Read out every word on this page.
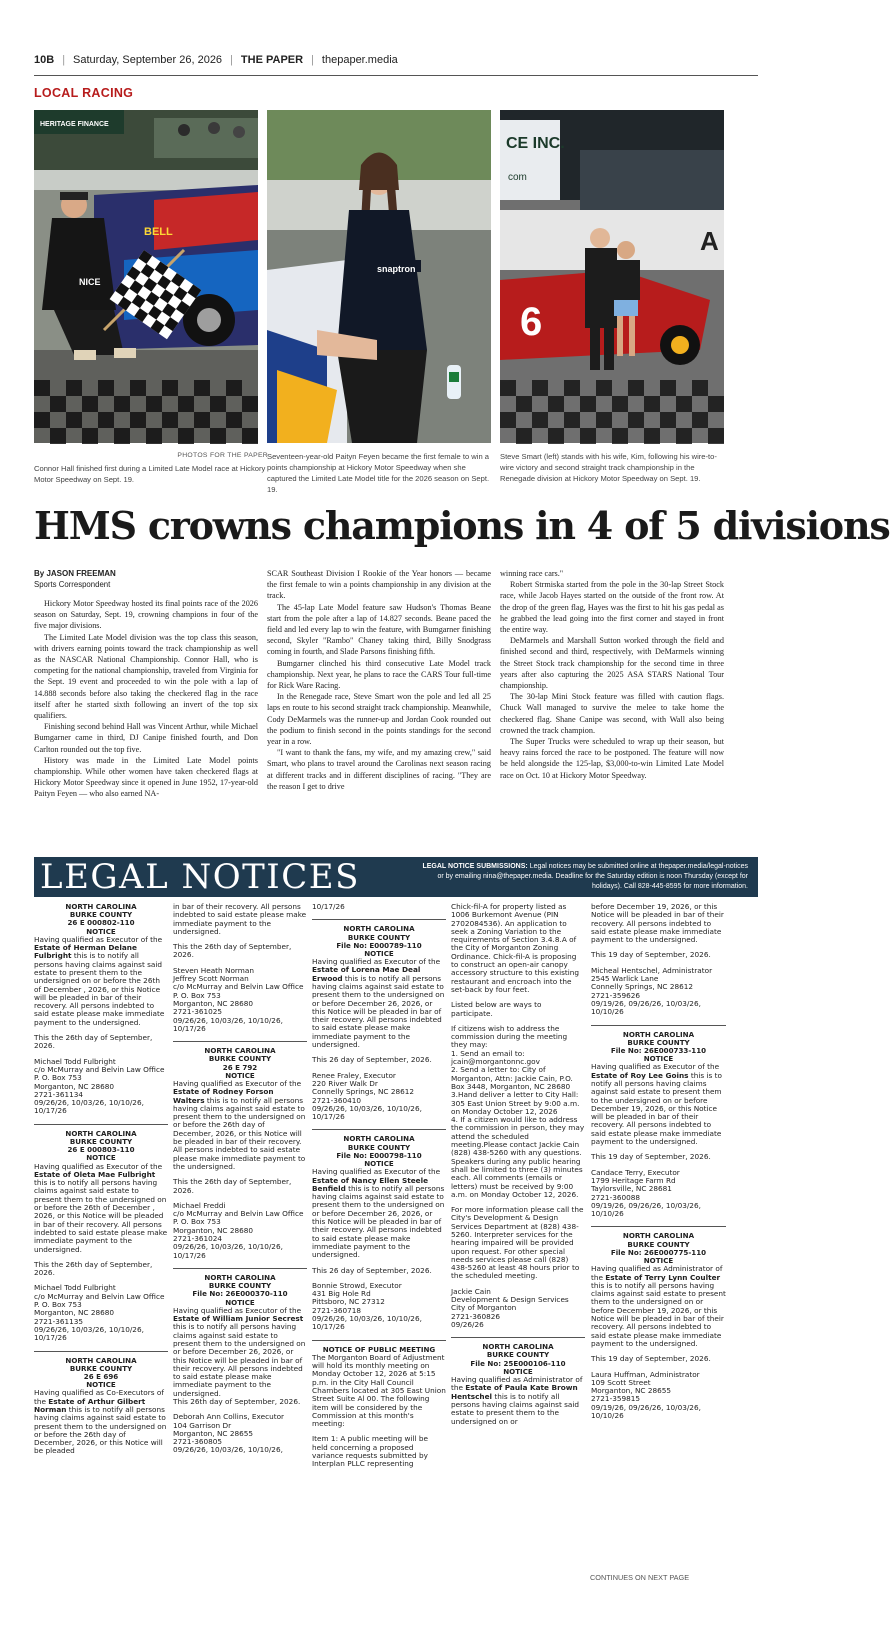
10B | Saturday, September 26, 2026 | THE PAPER | thepaper.media
LOCAL RACING
HERITAGE FINANCE
BELL
NICE
snaptron
CE INC.
com
A
6
PHOTOS FOR THE PAPER
Connor Hall finished first during a Limited Late Model race at Hickory Motor Speedway on Sept. 19.
Seventeen-year-old Paityn Feyen became the first female to win a points championship at Hickory Motor Speedway when she captured the Limited Late Model title for the 2026 season on Sept. 19.
Steve Smart (left) stands with his wife, Kim, following his wire-to-wire victory and second straight track championship in the Renegade division at Hickory Motor Speedway on Sept. 19.
HMS crowns champions in 4 of 5 divisions

By JASON FREEMAN

Sports Correspondent

Hickory Motor Speedway hosted its final points race of the 2026 season on Saturday, Sept. 19, crowning champions in four of the five major divisions.

The Limited Late Model division was the top class this season, with drivers earning points toward the track championship as well as the NASCAR National Championship. Connor Hall, who is competing for the national championship, traveled from Virginia for the Sept. 19 event and proceeded to win the pole with a lap of 14.888 seconds before also taking the checkered flag in the race itself after he started sixth following an invert of the top six qualifiers.

Finishing second behind Hall was Vincent Arthur, while Michael Bumgarner came in third, DJ Canipe finished fourth, and Don Carlton rounded out the top five.

History was made in the Limited Late Model points championship. While other women have taken checkered flags at Hickory Motor Speedway since it opened in June 1952, 17-year-old Paityn Feyen — who also earned NA-

SCAR Southeast Division I Rookie of the Year honors — became the first female to win a points championship in any division at the track.

The 45-lap Late Model feature saw Hudson's Thomas Beane start from the pole after a lap of 14.827 seconds. Beane paced the field and led every lap to win the feature, with Bumgarner finishing second, Skyler "Rambo" Chaney taking third, Billy Snodgrass coming in fourth, and Slade Parsons finishing fifth.

Bumgarner clinched his third consecutive Late Model track championship. Next year, he plans to race the CARS Tour full-time for Rick Ware Racing.

In the Renegade race, Steve Smart won the pole and led all 25 laps en route to his second straight track championship. Meanwhile, Cody DeMarmels was the runner-up and Jordan Cook rounded out the podium to finish second in the points standings for the second year in a row.

"I want to thank the fans, my wife, and my amazing crew," said Smart, who plans to travel around the Carolinas next season racing at different tracks and in different disciplines of racing. "They are the reason I get to drive

winning race cars."

Robert Strmiska started from the pole in the 30-lap Street Stock race, while Jacob Hayes started on the outside of the front row. At the drop of the green flag, Hayes was the first to hit his gas pedal as he grabbed the lead going into the first corner and stayed in front the entire way.

DeMarmels and Marshall Sutton worked through the field and finished second and third, respectively, with DeMarmels winning the Street Stock track championship for the second time in three years after also capturing the 2025 ASA STARS National Tour championship.

The 30-lap Mini Stock feature was filled with caution flags. Chuck Wall managed to survive the melee to take home the checkered flag. Shane Canipe was second, with Wall also being crowned the track champion.

The Super Trucks were scheduled to wrap up their season, but heavy rains forced the race to be postponed. The feature will now be held alongside the 125-lap, $3,000-to-win Limited Late Model race on Oct. 10 at Hickory Motor Speedway.

LEGAL NOTICES	LEGAL NOTICE SUBMISSIONS: Legal notices may be submitted online at thepaper.media/legal-notices or by emailing nina@thepaper.media. Deadline for the Saturday edition is noon Thursday (except for holidays). Call 828-445-8595 for more information.
NORTH CAROLINA
BURKE COUNTY
26 E 000802-110
NOTICE
Having qualified as Executor of the Estate of Herman Delane Fulbright this is to notify all persons having claims against said estate to present them to the undersigned on or before the 26th of December , 2026, or this Notice will be pleaded in bar of their recovery. All persons indebted to said estate please make immediate payment to the undersigned.
This the 26th day of September, 2026.
Michael Todd Fulbright
c/o McMurray and Belvin Law Office
P. O. Box 753
Morganton, NC 28680
2721-361134
09/26/26, 10/03/26, 10/10/26, 10/17/26
NORTH CAROLINA
BURKE COUNTY
26 E 000803-110
NOTICE
Having qualified as Executor of the Estate of Oleta Mae Fulbright this is to notify all persons having claims against said estate to present them to the undersigned on or before the 26th of December , 2026, or this Notice will be pleaded in bar of their recovery. All persons indebted to said estate please make immediate payment to the undersigned.
This the 26th day of September, 2026.
Michael Todd Fulbright
c/o McMurray and Belvin Law Office
P. O. Box 753
Morganton, NC 28680
2721-361135
09/26/26, 10/03/26, 10/10/26, 10/17/26
NORTH CAROLINA
BURKE COUNTY
26 E 696
NOTICE
Having qualified as Co-Executors of the Estate of Arthur Gilbert Norman this is to notify all persons having claims against said estate to present them to the undersigned on or before the 26th day of December, 2026, or this Notice will be pleaded
in bar of their recovery. All persons indebted to said estate please make immediate payment to the undersigned.
This the 26th day of September, 2026.
Steven Heath Norman
Jeffrey Scott Norman
c/o McMurray and Belvin Law Office
P. O. Box 753
Morganton, NC 28680
2721-361025
09/26/26, 10/03/26, 10/10/26, 10/17/26
NORTH CAROLINA
BURKE COUNTY
26 E 792
NOTICE
Having qualified as Executor of the Estate of Rodney Forson Walters this is to notify all persons having claims against said estate to present them to the undersigned on or before the 26th day of December, 2026, or this Notice will be pleaded in bar of their recovery. All persons indebted to said estate please make immediate payment to the undersigned.
This the 26th day of September, 2026.
Michael Freddi
c/o McMurray and Belvin Law Office
P. O. Box 753
Morganton, NC 28680
2721-361024
09/26/26, 10/03/26, 10/10/26, 10/17/26
NORTH CAROLINA
BURKE COUNTY
File No: 26E000370-110
NOTICE
Having qualified as Executor of the Estate of William Junior Secrest this is to notify all persons having claims against said estate to present them to the undersigned on or before December 26, 2026, or this Notice will be pleaded in bar of their recovery. All persons indebted to said estate please make immediate payment to the undersigned.
This 26th day of September, 2026.
Deborah Ann Collins, Executor
104 Garrison Dr
Morganton, NC 28655
2721-360805
09/26/26, 10/03/26, 10/10/26,
10/17/26
NORTH CAROLINA
BURKE COUNTY
File No: E000789-110
NOTICE
Having qualified as Executor of the Estate of Lorena Mae Deal Erwood this is to notify all persons having claims against said estate to present them to the undersigned on or before December 26, 2026, or this Notice will be pleaded in bar of their recovery. All persons indebted to said estate please make immediate payment to the undersigned.
This 26 day of September, 2026.
Renee Fraley, Executor
220 River Walk Dr
Connelly Springs, NC 28612
2721-360410
09/26/26, 10/03/26, 10/10/26, 10/17/26
NORTH CAROLINA
BURKE COUNTY
File No: E000798-110
NOTICE
Having qualified as Executor of the Estate of Nancy Ellen Steele Benfield this is to notify all persons having claims against said estate to present them to the undersigned on or before December 26, 2026, or this Notice will be pleaded in bar of their recovery. All persons indebted to said estate please make immediate payment to the undersigned.
This 26 day of September, 2026.
Bonnie Strowd, Executor
431 Big Hole Rd
Pittsboro, NC 27312
2721-360718
09/26/26, 10/03/26, 10/10/26, 10/17/26
NOTICE OF PUBLIC MEETING
The Morganton Board of Adjustment will hold its monthly meeting on Monday October 12, 2026 at 5:15 p.m. in the City Hall Council Chambers located at 305 East Union Street Suite Al 00. The following item will be considered by the Commission at this month's meeting:
Item 1: A public meeting will be held concerning a proposed variance requests submitted by Interplan PLLC representing
Chick-fil-A for property listed as 1006 Burkemont Avenue (PIN 2702084536). An application to seek a Zoning Variation to the requirements of Section 3.4.8.A of the City of Morganton Zoning Ordinance. Chick-fil-A is proposing to construct an open-air canopy accessory structure to this existing restaurant and encroach into the set-back by four feet.
Listed below are ways to participate.
If citizens wish to address the commission during the meeting they may:
1. Send an email to: jcain@morgantonnc.gov
2. Send a letter to: City of Morganton, Attn: Jackie Cain, P.O. Box 3448, Morganton, NC 28680
3.Hand deliver a letter to City Hall: 305 East Union Street by 9:00 a.m. on Monday October 12, 2026
4. If a citizen would like to address the commission in person, they may attend the scheduled meeting.Please contact Jackie Cain (828) 438-5260 with any questions. Speakers during any public hearing shall be limited to three (3) minutes each. All comments (emails or letters) must be received by 9:00 a.m. on Monday October 12, 2026.
For more information please call the City's Development & Design Services Department at (828) 438-5260. Interpreter services for the hearing impaired will be provided upon request. For other special needs services please call (828) 438-5260 at least 48 hours prior to the scheduled meeting.
Jackie Cain
Development & Design Services
City of Morganton
2721-360826
09/26/26
NORTH CAROLINA
BURKE COUNTY
File No: 25E000106-110
NOTICE
Having qualified as Administrator of the Estate of Paula Kate Brown Hentschel this is to notify all persons having claims against said estate to present them to the undersigned on or
before December 19, 2026, or this Notice will be pleaded in bar of their recovery. All persons indebted to said estate please make immediate payment to the undersigned.
This 19 day of September, 2026.
Micheal Hentschel, Administrator
2545 Warlick Lane
Connelly Springs, NC 28612
2721-359626
09/19/26, 09/26/26, 10/03/26, 10/10/26
NORTH CAROLINA
BURKE COUNTY
File No: 26E000733-110
NOTICE
Having qualified as Executor of the Estate of Roy Lee Goins this is to notify all persons having claims against said estate to present them to the undersigned on or before December 19, 2026, or this Notice will be pleaded in bar of their recovery. All persons indebted to said estate please make immediate payment to the undersigned.
This 19 day of September, 2026.
Candace Terry, Executor
1799 Heritage Farm Rd
Taylorsville, NC 28681
2721-360088
09/19/26, 09/26/26, 10/03/26, 10/10/26
NORTH CAROLINA
BURKE COUNTY
File No: 26E000775-110
NOTICE
Having qualified as Administrator of the Estate of Terry Lynn Coulter this is to notify all persons having claims against said estate to present them to the undersigned on or before December 19, 2026, or this Notice will be pleaded in bar of their recovery. All persons indebted to said estate please make immediate payment to the undersigned.
This 19 day of September, 2026.
Laura Huffman, Administrator
109 Scott Street
Morganton, NC 28655
2721-359815
09/19/26, 09/26/26, 10/03/26, 10/10/26
CONTINUES ON NEXT PAGE
